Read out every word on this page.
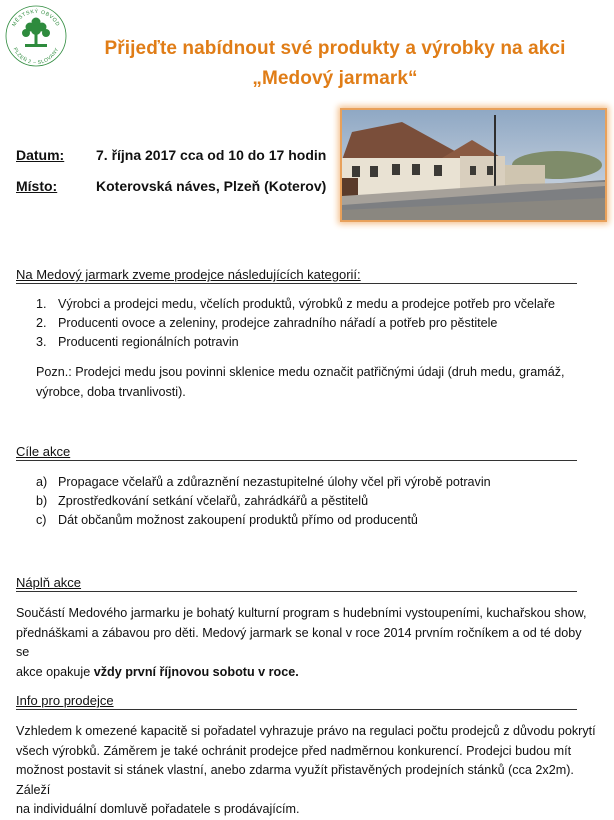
MĚSTSKÝ OBVOD
PLZEŇ 2 – SLOVANY	Přijeďte nabídnout své produkty a výrobky na akci
„Medový jarmark“
Datum: 7. října 2017 cca od 10 do 17 hodin
Místo:	Koterovská náves, Plzeň (Koterov)
Na Medový jarmark zveme prodejce následujících kategorií:
1. Výrobci a prodejci medu, včelích produktů, výrobků z medu a prodejce potřeb pro včelaře
2. Producenti ovoce a zeleniny, prodejce zahradního nářadí a potřeb pro pěstitele
3. Producenti regionálních potravin
Pozn.: Prodejci medu jsou povinni sklenice medu označit patřičnými údaji (druh medu, gramáž,
výrobce, doba trvanlivosti).
Cíle akce
a) Propagace včelařů a zdůraznění nezastupitelné úlohy včel při výrobě potravin
b) Zprostředkování setkání včelařů, zahrádkářů a pěstitelů
c) Dát občanům možnost zakoupení produktů přímo od producentů
Náplň akce
Součástí Medového jarmarku je bohatý kulturní program s hudebními vystoupeními, kuchařskou show,
přednáškami a zábavou pro děti. Medový jarmark se konal v roce 2014 prvním ročníkem a od té doby se
akce opakuje vždy první říjnovou sobotu v roce.
Info pro prodejce
Vzhledem k omezené kapacitě si pořadatel vyhrazuje právo na regulaci počtu prodejců z důvodu pokrytí
všech výrobků. Záměrem je také ochránit prodejce před nadměrnou konkurencí. Prodejci budou mít
možnost postavit si stánek vlastní, anebo zdarma využít přistavěných prodejních stánků (cca 2x2m). Záleží
na individuální domluvě pořadatele s prodávajícím.
